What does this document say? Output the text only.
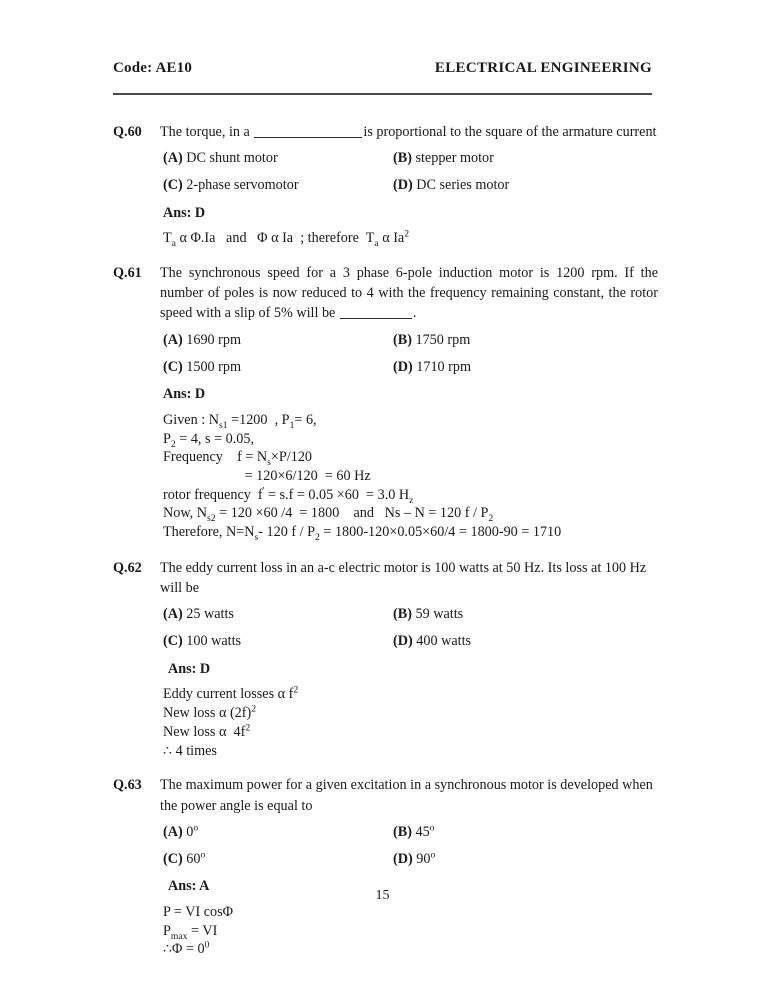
Code: AE10	ELECTRICAL ENGINEERING
Q.60	The torque, in a	is proportional to the square of the armature current
(A) DC shunt motor	(B) stepper motor
(C) 2-phase servomotor	(D) DC series motor
Ans: D
$T_a$ α Φ.Ia   and   Φ α Ia  ; therefore  $T_a$ α Ia$^2$
Q.61	The synchronous speed for a 3 phase 6-pole induction motor is 1200 rpm. If the number of poles is now reduced to 4 with the frequency remaining constant, the rotor speed with a slip of 5% will be	.
(A) 1690 rpm	(B) 1750 rpm
(C) 1500 rpm	(D) 1710 rpm
Ans: D
Given : $N_{s1} =1200$  , $P_1= 6$,
$P_2 = 4$, s = 0.05,
Frequency    $f = N_s\times P/120$
= 120×6/120  = 60 Hz
rotor frequency  f' = s.f = 0.05 ×60  = 3.0 $H_z$
Now, $N_{s2} = 120 \times 60$ /4  = 1800    and   Ns – N = 120 f / $P_2$
Therefore, $N=N_s-$ 120 $f / P_2 = 1800-120\times 0.05\times 60/4 = 1800-90 = 1710$
Q.62	The eddy current loss in an a-c electric motor is 100 watts at 50 Hz. Its loss at 100 Hz will be
(A) 25 watts	(B) 59 watts
(C) 100 watts	(D) 400 watts
Ans: D
Eddy current losses α $f^2$
New loss α $(2f)^2$
New loss α  $4f^2$
∴ 4 times
Q.63	The maximum power for a given excitation in a synchronous motor is developed when the power angle is equal to
(A) 0$^o$	(B) 45$^o$
(C) 60$^o$	(D) 90$^o$
Ans: A
P = VI cosΦ
$P_{max}$ = VI
∴Φ = $0^0$
15
